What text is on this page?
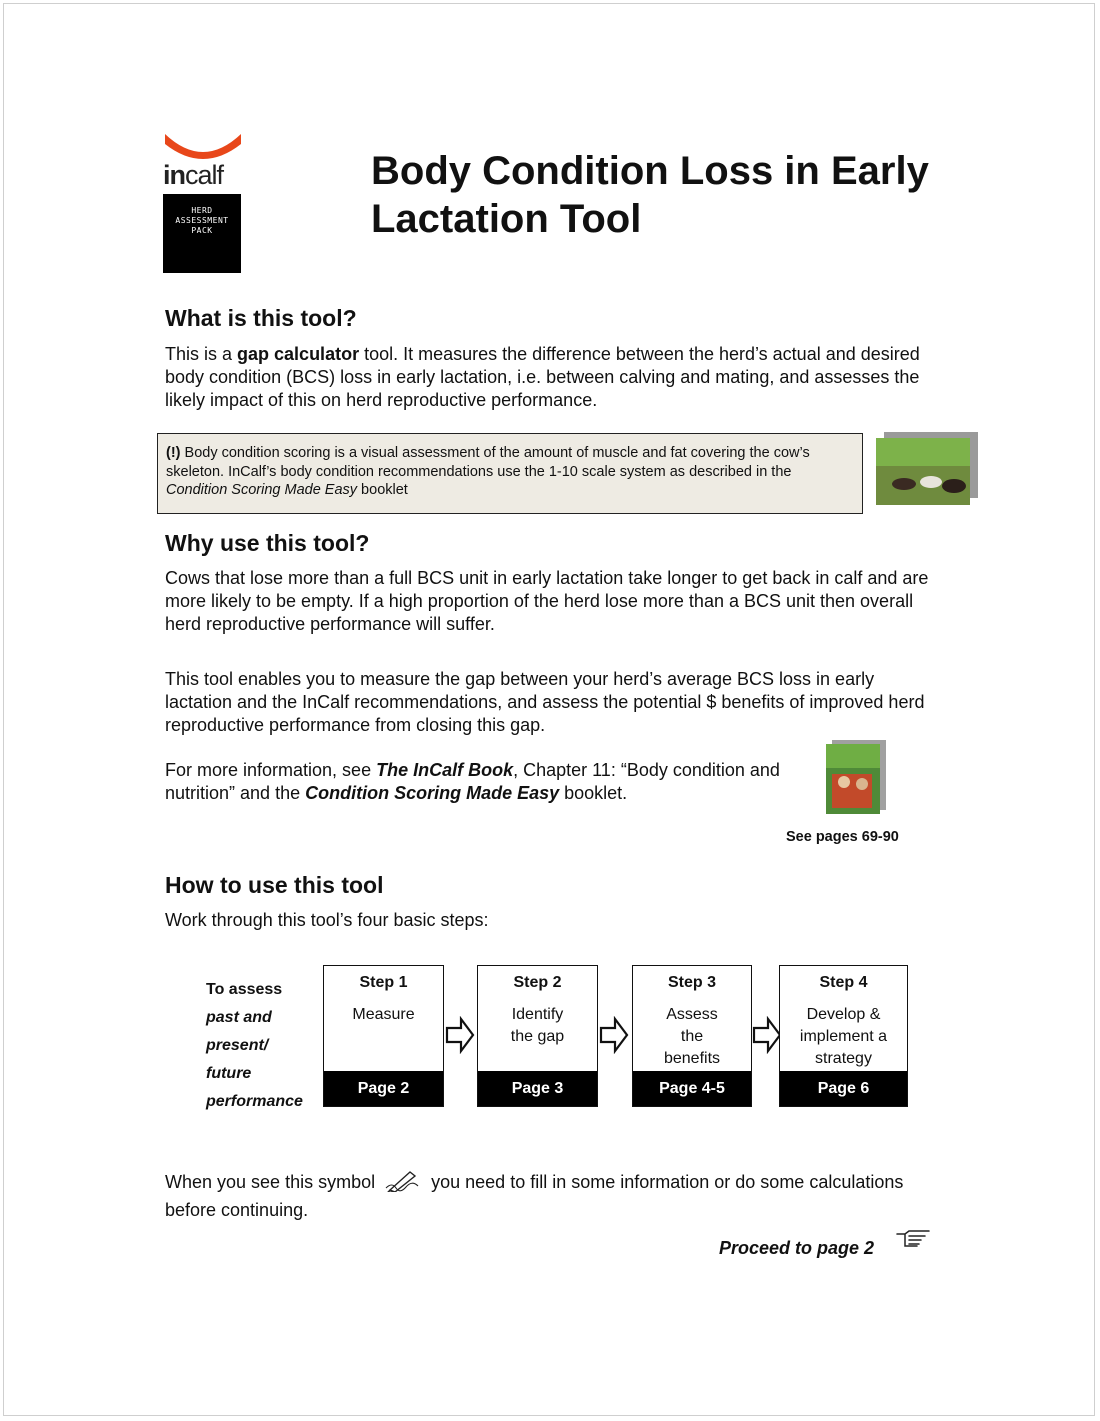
incalf
HERD
ASSESSMENT
PACK
Body Condition Loss in Early Lactation Tool
What is this tool?

This is a gap calculator tool. It measures the difference between the herd’s actual and desired body condition (BCS) loss in early lactation, i.e. between calving and mating, and assesses the likely impact of this on herd reproductive performance.

(!) Body condition scoring is a visual assessment of the amount of muscle and fat covering the cow’s skeleton. InCalf’s body condition recommendations use the 1-10 scale system as described in the Condition Scoring Made Easy booklet
Why use this tool?

Cows that lose more than a full BCS unit in early lactation take longer to get back in calf and are more likely to be empty. If a high proportion of the herd lose more than a BCS unit then overall herd reproductive performance will suffer.

This tool enables you to measure the gap between your herd’s average BCS loss in early lactation and the InCalf recommendations, and assess the potential $ benefits of improved herd reproductive performance from closing this gap.

For more information, see The InCalf Book, Chapter 11: “Body condition and nutrition” and the Condition Scoring Made Easy booklet.

See pages 69-90
How to use this tool

Work through this tool’s four basic steps:

To assess
past and
present/
future
performance
Step 1
Measure
Page 2
Step 2
Identify the gap
Page 3
Step 3
Assess the benefits
Page 4-5
Step 4
Develop & implement a strategy
Page 6
When you see this symbol	you need to fill in some information or do some calculations before continuing.
Proceed to page 2
